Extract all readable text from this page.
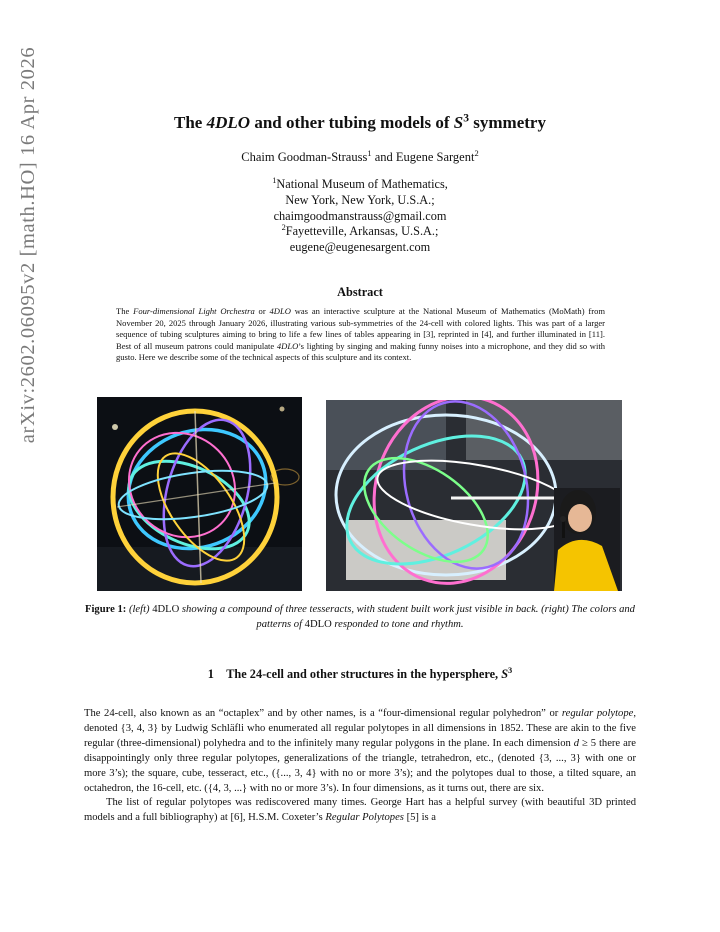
arXiv:2602.06095v2 [math.HO] 16 Apr 2026	The 4DLO and other tubing models of $S^3$ symmetry
Chaim Goodman-Strauss$^1$ and Eugene Sargent$^2$
$^1$National Museum of Mathematics,
New York, New York, U.S.A.;
chaimgoodmanstrauss@gmail.com
$^2$Fayetteville, Arkansas, U.S.A.;
eugene@eugenesargent.com
Abstract
The Four-dimensional Light Orchestra or 4DLO was an interactive sculpture at the National Museum of Mathematics (MoMath) from November 20, 2025 through January 2026, illustrating various sub-symmetries of the 24-cell with colored lights. This was part of a larger sequence of tubing sculptures aiming to bring to life a few lines of tables appearing in [3], reprinted in [4], and further illuminated in [11]. Best of all museum patrons could manipulate 4DLO’s lighting by singing and making funny noises into a microphone, and they did so with gusto. Here we describe some of the technical aspects of this sculpture and its context.
Figure 1: (left) 4DLO showing a compound of three tesseracts, with student built work just visible in back. (right) The colors and patterns of 4DLO responded to tone and rhythm.
1 The 24-cell and other structures in the hypersphere, $S^3$

The 24-cell, also known as an “octaplex” and by other names, is a “four-dimensional regular polyhedron” or regular polytope, denoted {3, 4, 3} by Ludwig Schläfli who enumerated all regular polytopes in all dimensions in 1852. These are akin to the five regular (three-dimensional) polyhedra and to the infinitely many regular polygons in the plane. In each dimension d ≥ 5 there are disappointingly only three regular polytopes, generalizations of the triangle, tetrahedron, etc., (denoted {3, ..., 3} with one or more 3’s); the square, cube, tesseract, etc., ({..., 3, 4} with no or more 3’s); and the polytopes dual to those, a tilted square, an octahedron, the 16-cell, etc. ({4, 3, ...} with no or more 3’s). In four dimensions, as it turns out, there are six.

The list of regular polytopes was rediscovered many times. George Hart has a helpful survey (with beautiful 3D printed models and a full bibliography) at [6], H.S.M. Coxeter’s Regular Polytopes [5] is a
